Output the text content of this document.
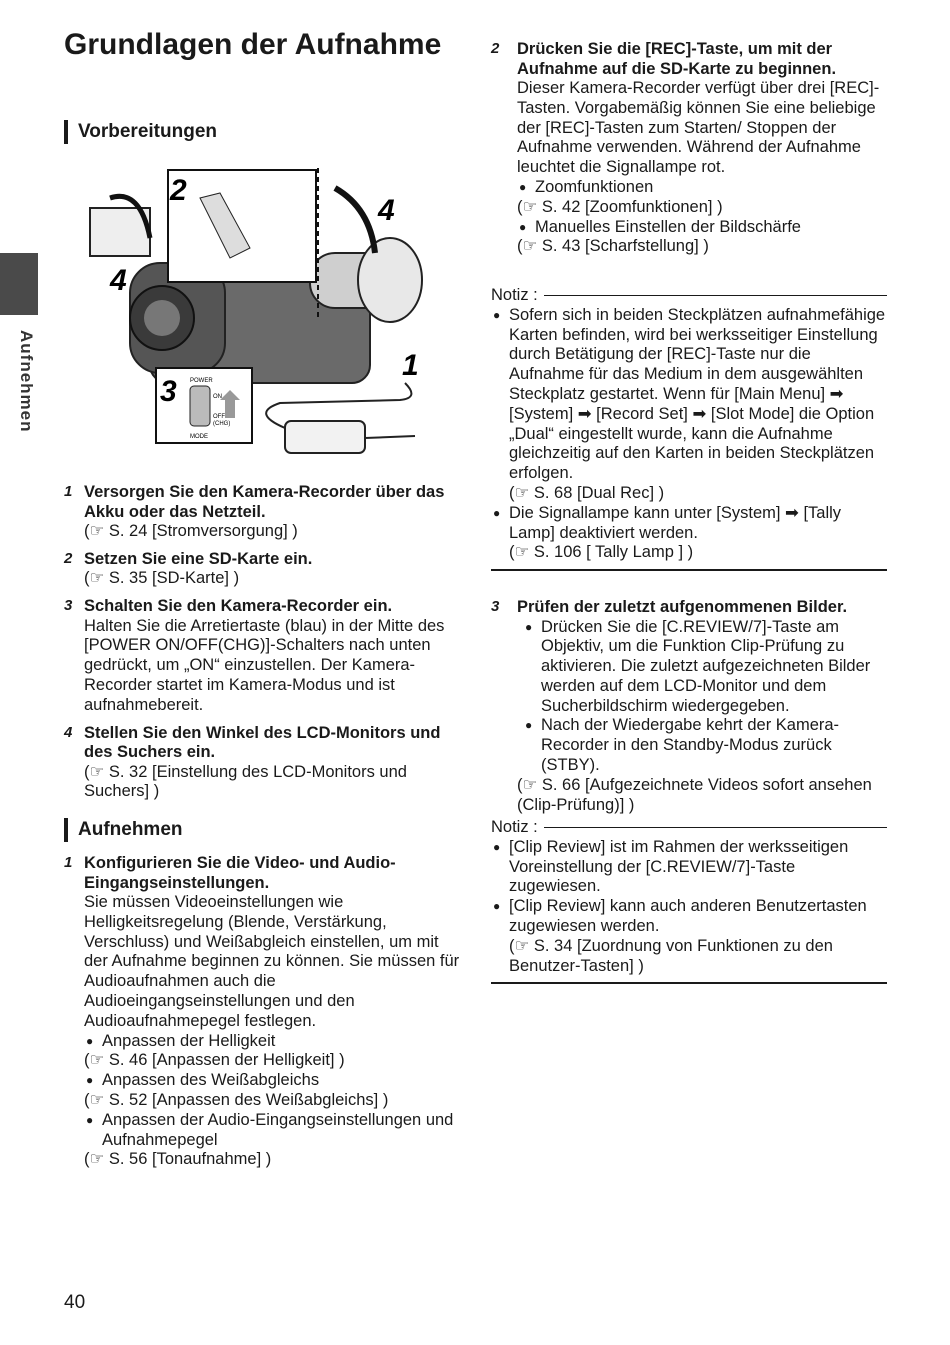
Grundlagen der Aufnahme
Aufnehmen
Vorbereitungen
POWER
ON
OFF
(CHG)
MODE
2
4
4
3
1
1 Versorgen Sie den Kamera-Recorder über das Akku oder das Netzteil.
(☞ S. 24 [Stromversorgung] )
2 Setzen Sie eine SD-Karte ein.
(☞ S. 35 [SD-Karte] )
3 Schalten Sie den Kamera-Recorder ein.
Halten Sie die Arretiertaste (blau) in der Mitte des [POWER ON/OFF(CHG)]-Schalters nach unten gedrückt, um „ON“ einzustellen. Der Kamera-Recorder startet im Kamera-Modus und ist aufnahmebereit.
4 Stellen Sie den Winkel des LCD-Monitors und des Suchers ein.
(☞ S. 32 [Einstellung des LCD-Monitors und Suchers] )
Aufnehmen
1 Konfigurieren Sie die Video- und Audio-Eingangseinstellungen.
Sie müssen Videoeinstellungen wie Helligkeitsregelung (Blende, Verstärkung, Verschluss) und Weißabgleich einstellen, um mit der Aufnahme beginnen zu können. Sie müssen für Audioaufnahmen auch die Audioeingangseinstellungen und den Audioaufnahmepegel festlegen.
● Anpassen der Helligkeit
(☞ S. 46 [Anpassen der Helligkeit] )
● Anpassen des Weißabgleichs
(☞ S. 52 [Anpassen des Weißabgleichs] )
● Anpassen der Audio-Eingangseinstellungen und Aufnahmepegel
(☞ S. 56 [Tonaufnahme] )
2	Drücken Sie die [REC]-Taste, um mit der Aufnahme auf die SD-Karte zu beginnen.
Dieser Kamera-Recorder verfügt über drei [REC]-Tasten. Vorgabemäßig können Sie eine beliebige der [REC]-Tasten zum Starten/ Stoppen der Aufnahme verwenden. Während der Aufnahme leuchtet die Signallampe rot.
● Zoomfunktionen
(☞ S. 42 [Zoomfunktionen] )
● Manuelles Einstellen der Bildschärfe
(☞ S. 43 [Scharfstellung] )
Notiz :
● Sofern sich in beiden Steckplätzen aufnahmefähige Karten befinden, wird bei werksseitiger Einstellung durch Betätigung der [REC]-Taste nur die Aufnahme für das Medium in dem ausgewählten Steckplatz gestartet. Wenn für [Main Menu] ➡ [System] ➡ [Record Set] ➡ [Slot Mode] die Option „Dual“ eingestellt wurde, kann die Aufnahme gleichzeitig auf den Karten in beiden Steckplätzen erfolgen.
(☞ S. 68 [Dual Rec] )
● Die Signallampe kann unter [System] ➡ [Tally Lamp] deaktiviert werden.
(☞ S. 106 [ Tally Lamp ] )
3	Prüfen der zuletzt aufgenommenen Bilder.
● Drücken Sie die [C.REVIEW/7]-Taste am Objektiv, um die Funktion Clip-Prüfung zu aktivieren. Die zuletzt aufgezeichneten Bilder werden auf dem LCD-Monitor und dem Sucherbildschirm wiedergegeben.
● Nach der Wiedergabe kehrt der Kamera-Recorder in den Standby-Modus zurück (STBY).
(☞ S. 66 [Aufgezeichnete Videos sofort ansehen (Clip-Prüfung)] )
Notiz :
● [Clip Review] ist im Rahmen der werksseitigen Voreinstellung der [C.REVIEW/7]-Taste zugewiesen.
● [Clip Review] kann auch anderen Benutzertasten zugewiesen werden.
(☞ S. 34 [Zuordnung von Funktionen zu den Benutzer-Tasten] )
40
